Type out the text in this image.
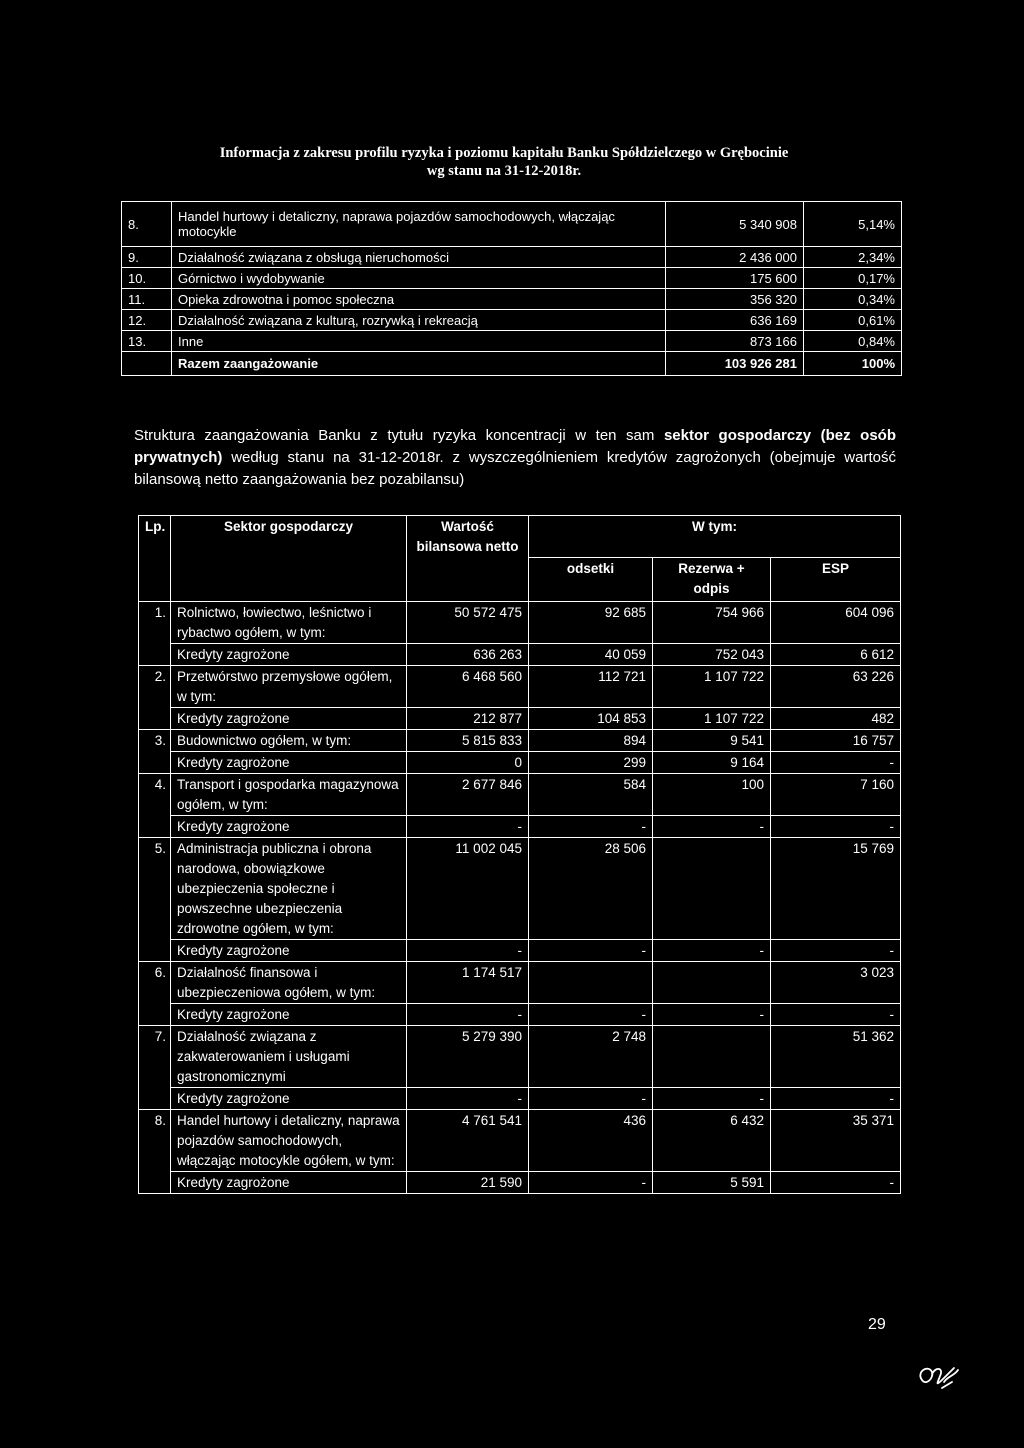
Informacja z zakresu profilu ryzyka i poziomu kapitału Banku Spółdzielczego w Grębocinie
wg stanu na 31-12-2018r.
8.	Handel hurtowy i detaliczny, naprawa pojazdów samochodowych, włączając motocykle	5 340 908	5,14%
9.	Działalność związana z obsługą nieruchomości	2 436 000	2,34%
10.	Górnictwo i wydobywanie	175 600	0,17%
11.	Opieka zdrowotna i pomoc społeczna	356 320	0,34%
12.	Działalność związana z kulturą, rozrywką i rekreacją	636 169	0,61%
13.	Inne	873 166	0,84%
	Razem zaangażowanie	103 926 281	100%
Struktura zaangażowania Banku z tytułu ryzyka koncentracji w ten sam sektor gospodarczy (bez osób prywatnych) według stanu na 31-12-2018r. z wyszczególnieniem kredytów zagrożonych (obejmuje wartość bilansową netto zaangażowania bez pozabilansu)
Lp.	Sektor gospodarczy	Wartość bilansowa netto	W tym:		
			odsetki	Rezerwa + odpis	ESP
1.	Rolnictwo, łowiectwo, leśnictwo i rybactwo ogółem, w tym:	50 572 475	92 685	754 966	604 096
	Kredyty zagrożone	636 263	40 059	752 043	6 612
2.	Przetwórstwo przemysłowe ogółem, w tym:	6 468 560	112 721	1 107 722	63 226
	Kredyty zagrożone	212 877	104 853	1 107 722	482
3.	Budownictwo ogółem, w tym:	5 815 833	894	9 541	16 757
	Kredyty zagrożone	0	299	9 164	-
4.	Transport i gospodarka magazynowa ogółem, w tym:	2 677 846	584	100	7 160
	Kredyty zagrożone	-	-	-	-
5.	Administracja publiczna i obrona narodowa, obowiązkowe ubezpieczenia społeczne i powszechne ubezpieczenia zdrowotne ogółem, w tym:	11 002 045	28 506		15 769
	Kredyty zagrożone	-	-	-	-
6.	Działalność finansowa i ubezpieczeniowa ogółem, w tym:	1 174 517			3 023
	Kredyty zagrożone	-	-	-	-
7.	Działalność związana z zakwaterowaniem i usługami gastronomicznymi	5 279 390	2 748		51 362
	Kredyty zagrożone	-	-	-	-
8.	Handel hurtowy i detaliczny, naprawa pojazdów samochodowych, włączając motocykle ogółem, w tym:	4 761 541	436	6 432	35 371
	Kredyty zagrożone	21 590	-	5 591	-
29
